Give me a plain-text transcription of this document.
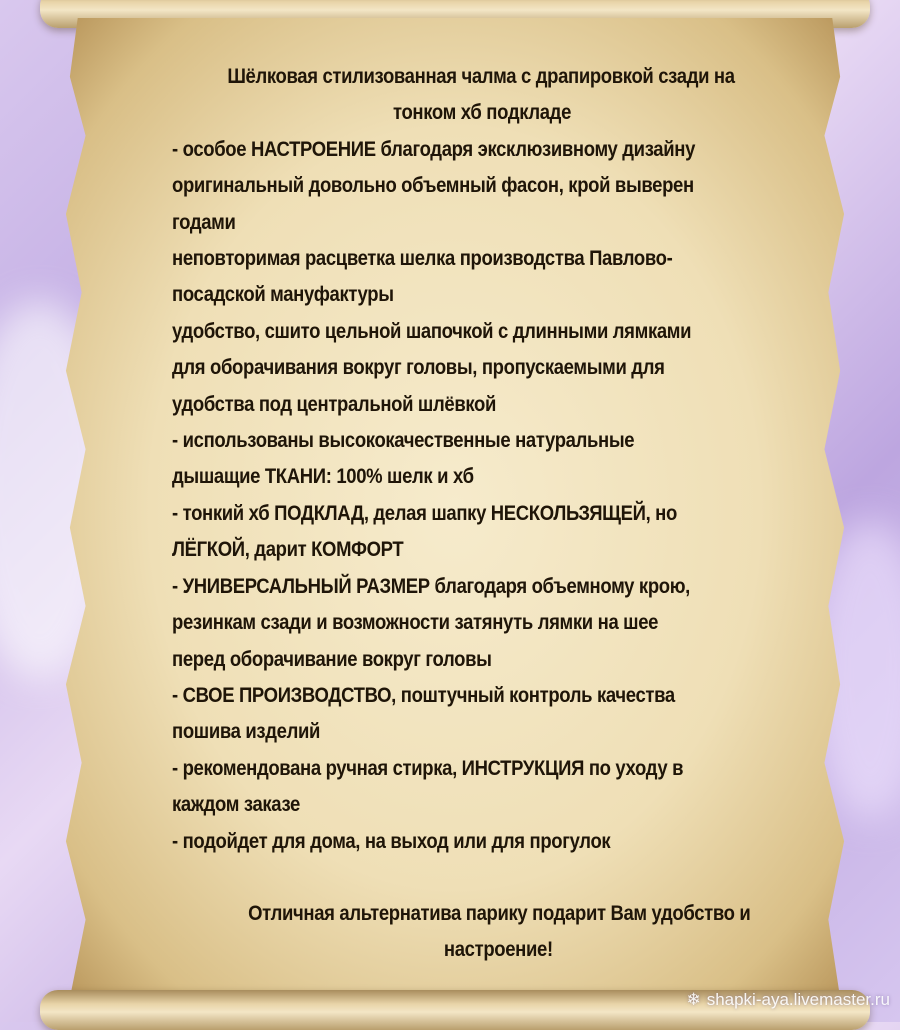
Шёлковая стилизованная чалма с драпировкой сзади на
тонком хб подкладе
- особое НАСТРОЕНИЕ благодаря эксклюзивному дизайну
оригинальный довольно объемный фасон, крой выверен
годами
неповторимая расцветка шелка производства Павлово-
посадской мануфактуры
удобство, сшито цельной шапочкой с длинными лямками
для оборачивания вокруг головы, пропускаемыми для
удобства под центральной шлёвкой
- использованы высококачественные натуральные
дышащие ТКАНИ: 100% шелк и хб
- тонкий хб ПОДКЛАД, делая шапку НЕСКОЛЬЗЯЩЕЙ, но
ЛЁГКОЙ, дарит КОМФОРТ
- УНИВЕРСАЛЬНЫЙ РАЗМЕР благодаря объемному крою,
резинкам сзади и возможности затянуть лямки на шее
перед оборачивание вокруг головы
- СВОЕ ПРОИЗВОДСТВО, поштучный контроль качества
пошива изделий
- рекомендована ручная стирка, ИНСТРУКЦИЯ по уходу в
каждом заказе
- подойдет для дома, на выход или для прогулок
Отличная альтернатива парику подарит Вам удобство и
настроение!
❄ shapki-aya.livemaster.ru
